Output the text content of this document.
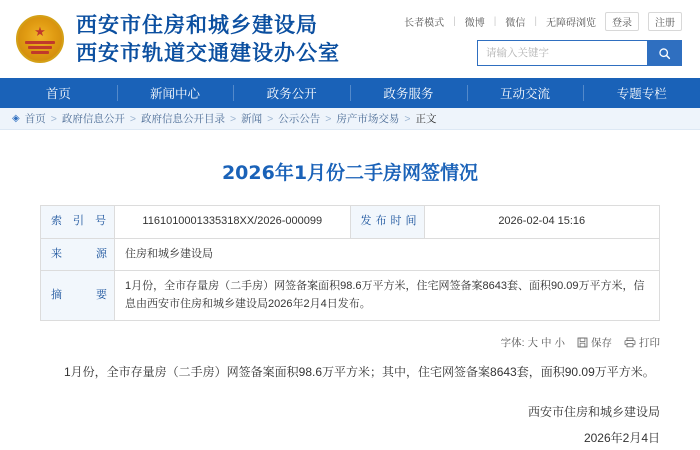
★ 西安市住房和城乡建设局
西安市轨道交通建设办公室
长者模式 | 微博 | 微信 | 无障碍浏览	登录	注册
请输入关键字
首页	新闻中心	政务公开	政务服务	互动交流	专题专栏
◈ 首页 > 政府信息公开 > 政府信息公开目录 > 新闻 > 公示公告 > 房产市场交易 > 正文
2026年1月份二手房网签情况
索 引 号	1161010001335318XX/2026-000099	发布时间	2026-02-04 15:16
来　　源	住房和城乡建设局		
摘　　要	1月份，全市存量房（二手房）网签备案面积98.6万平方米，住宅网签备案8643套、面积90.09万平方米，信息由西安市住房和城乡建设局2026年2月4日发布。		
字体: 大 中 小 保存	打印
1月份，全市存量房（二手房）网签备案面积98.6万平方米；其中，住宅网签备案8643套，面积90.09万平方米。
西安市住房和城乡建设局
2026年2月4日
